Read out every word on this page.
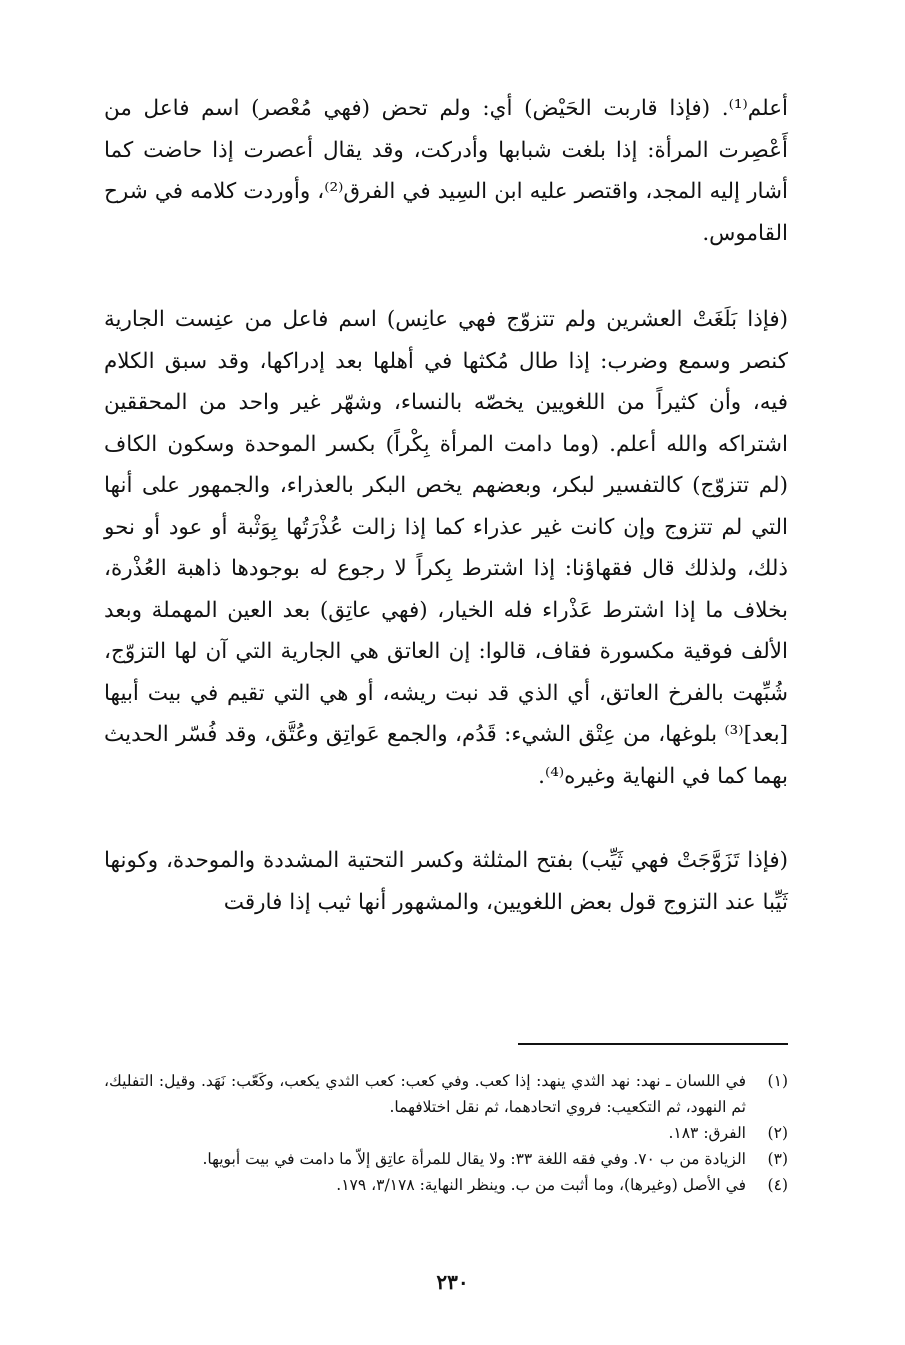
أعلم⁽¹⁾. (فإذا قاربت الحَيْض) أي: ولم تحض (فهي مُعْصر) اسم فاعل من أَعْصِرت المرأة: إذا بلغت شبابها وأدركت، وقد يقال أعصرت إذا حاضت كما أشار إليه المجد، واقتصر عليه ابن السِيد في الفرق⁽²⁾، وأوردت كلامه في شرح القاموس.

(فإذا بَلَغَتْ العشرين ولم تتزوّج فهي عانِس) اسم فاعل من عنِست الجارية كنصر وسمع وضرب: إذا طال مُكثها في أهلها بعد إدراكها، وقد سبق الكلام فيه، وأن كثيراً من اللغويين يخصّه بالنساء، وشهّر غير واحد من المحققين اشتراكه والله أعلم. (وما دامت المرأة بِكْراً) بكسر الموحدة وسكون الكاف (لم تتزوّج) كالتفسير لبكر، وبعضهم يخص البكر بالعذراء، والجمهور على أنها التي لم تتزوج وإن كانت غير عذراء كما إذا زالت عُذْرَتُها بِوَثْبة أو عود أو نحو ذلك، ولذلك قال فقهاؤنا: إذا اشترط بِكراً لا رجوع له بوجودها ذاهبة العُذْرة، بخلاف ما إذا اشترط عَذْراء فله الخيار، (فهي عاتِق) بعد العين المهملة وبعد الألف فوقية مكسورة فقاف، قالوا: إن العاتق هي الجارية التي آن لها التزوّج، شُبِّهت بالفرخ العاتق، أي الذي قد نبت ريشه، أو هي التي تقيم في بيت أبيها [بعد]⁽³⁾ بلوغها، من عِتْق الشيء: قَدُم، والجمع عَواتِق وعُتَّق، وقد فُسّر الحديث بهما كما في النهاية وغيره⁽⁴⁾.

(فإذا تَزَوَّجَتْ فهي ثَيِّب) بفتح المثلثة وكسر التحتية المشددة والموحدة، وكونها ثَيِّبا عند التزوج قول بعض اللغويين، والمشهور أنها ثيب إذا فارقت

(١)
في اللسان ـ نهد: نهد الثدي ينهد: إذا كعب. وفي كعب: كعب الثدي يكعب، وكَعّب: نَهَد. وقيل: التفليك، ثم النهود، ثم التكعيب: فروي اتحادهما، ثم نقل اختلافهما.
(٢)
الفرق: ١٨٣.
(٣)
الزيادة من ب ٧٠. وفي فقه اللغة ٣٣: ولا يقال للمرأة عاتِق إلاّ ما دامت في بيت أبويها.
(٤)
في الأصل (وغيرها)، وما أثبت من ب. وينظر النهاية: ٣/١٧٨، ١٧٩.
٢٣٠
